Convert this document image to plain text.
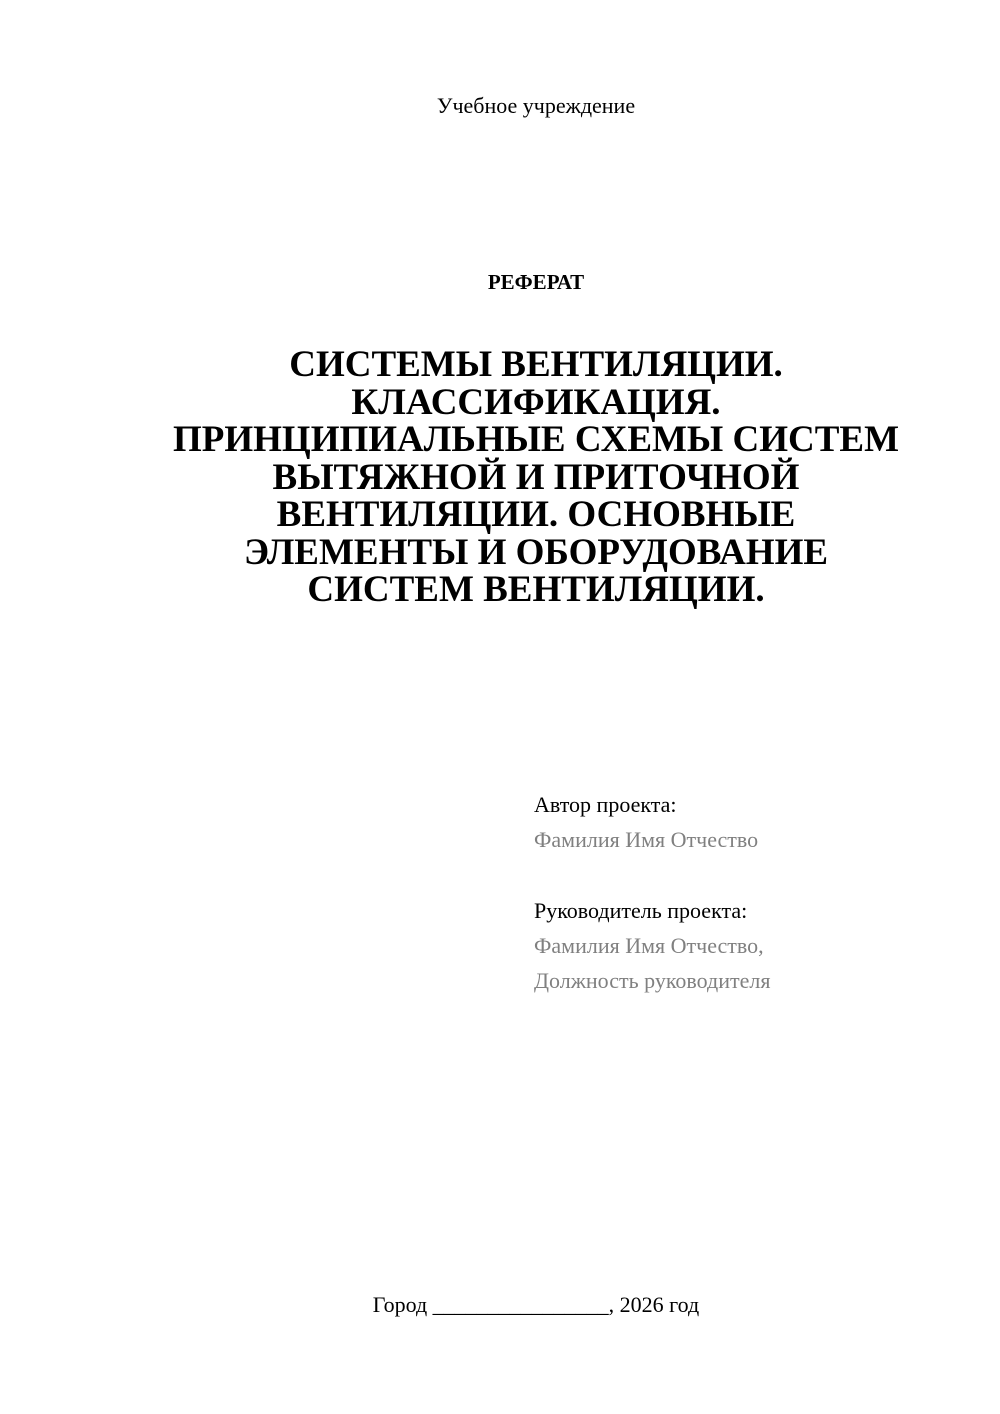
Учебное учреждение
РЕФЕРАТ
СИСТЕМЫ ВЕНТИЛЯЦИИ.
КЛАССИФИКАЦИЯ.
ПРИНЦИПИАЛЬНЫЕ СХЕМЫ СИСТЕМ
ВЫТЯЖНОЙ И ПРИТОЧНОЙ
ВЕНТИЛЯЦИИ. ОСНОВНЫЕ
ЭЛЕМЕНТЫ И ОБОРУДОВАНИЕ
СИСТЕМ ВЕНТИЛЯЦИИ.
Автор проекта:
Фамилия Имя Отчество
Руководитель проекта:
Фамилия Имя Отчество,
Должность руководителя
Город ________________, 2026 год
